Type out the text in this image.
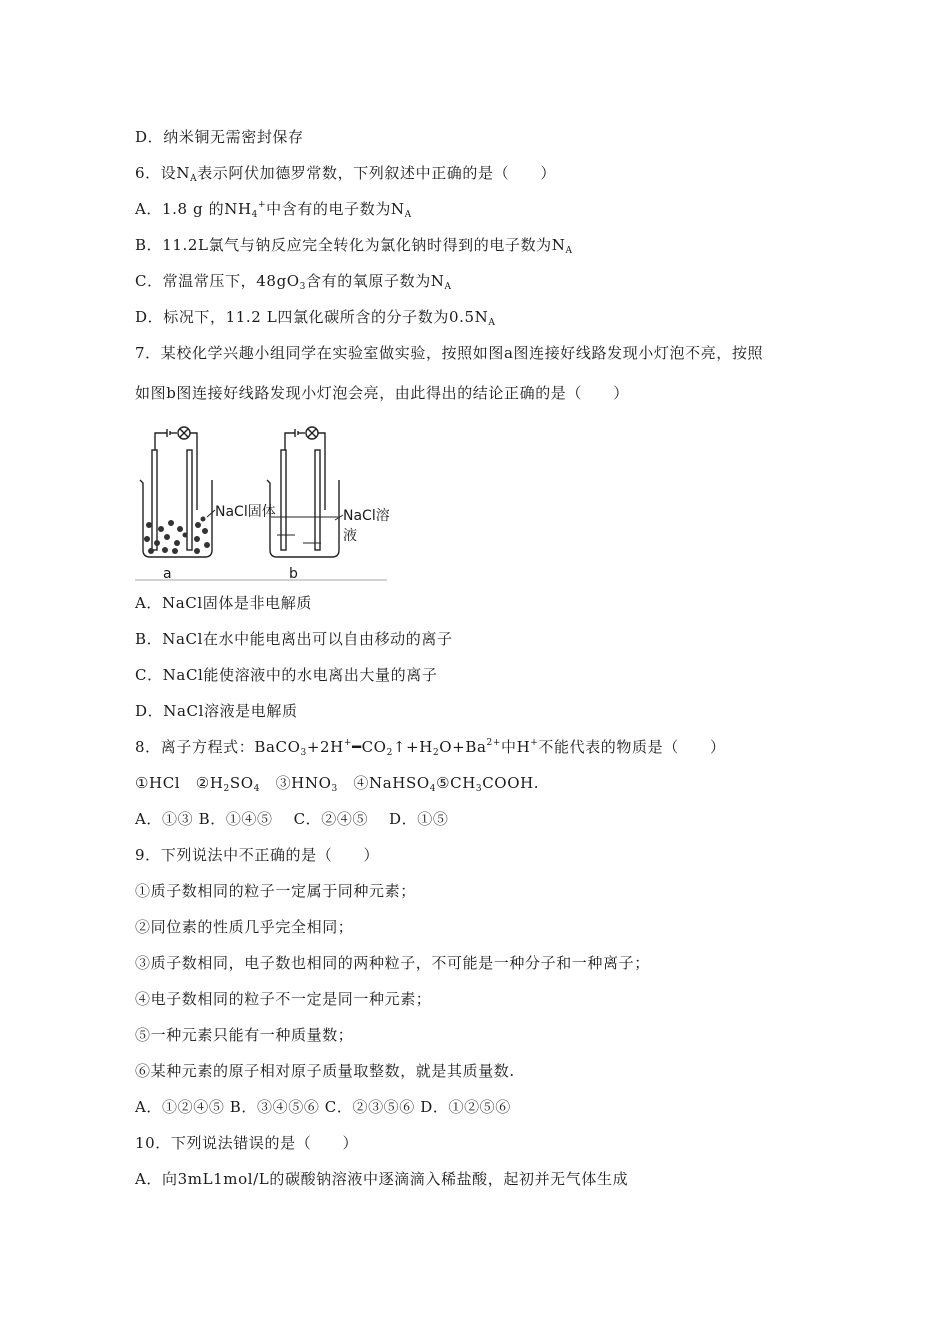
D．纳米铜无需密封保存
6．设$N_A$表示阿伏加德罗常数，下列叙述中正确的是（　　）
A．1.8 g 的$NH_4^+$中含有的电子数为$N_A$
B．11.2L氯气与钠反应完全转化为氯化钠时得到的电子数为$N_A$
C．常温常压下，$48gO_3$含有的氧原子数为$N_A$
D．标况下，11.2 L四氯化碳所含的分子数为$0.5N_A$
7．某校化学兴趣小组同学在实验室做实验，按照如图a图连接好线路发现小灯泡不亮，按照
如图b图连接好线路发现小灯泡会亮，由此得出的结论正确的是（　　）
NaCl固体	NaCl溶液
a	b
A．NaCl固体是非电解质
B．NaCl在水中能电离出可以自由移动的离子
C．NaCl能使溶液中的水电离出大量的离子
D．NaCl溶液是电解质
8．离子方程式：$BaCO_3+2H^+━CO_2↑+H_2O+Ba^{2+}$中H+不能代表的物质是（　　）
①HCl　$②H_2SO_4$　$③HNO_3$　$④NaHSO_4⑤CH_3COOH$.
A．①③ B．①④⑤　 C．②④⑤　 D．①⑤
9．下列说法中不正确的是（　　）
①质子数相同的粒子一定属于同种元素；
②同位素的性质几乎完全相同；
③质子数相同，电子数也相同的两种粒子，不可能是一种分子和一种离子；
④电子数相同的粒子不一定是同一种元素；
⑤一种元素只能有一种质量数；
⑥某种元素的原子相对原子质量取整数，就是其质量数.
A．①②④⑤ B．③④⑤⑥ C．②③⑤⑥ D．①②⑤⑥
10．下列说法错误的是（　　）
A．向3mL1mol/L的碳酸钠溶液中逐滴滴入稀盐酸，起初并无气体生成
